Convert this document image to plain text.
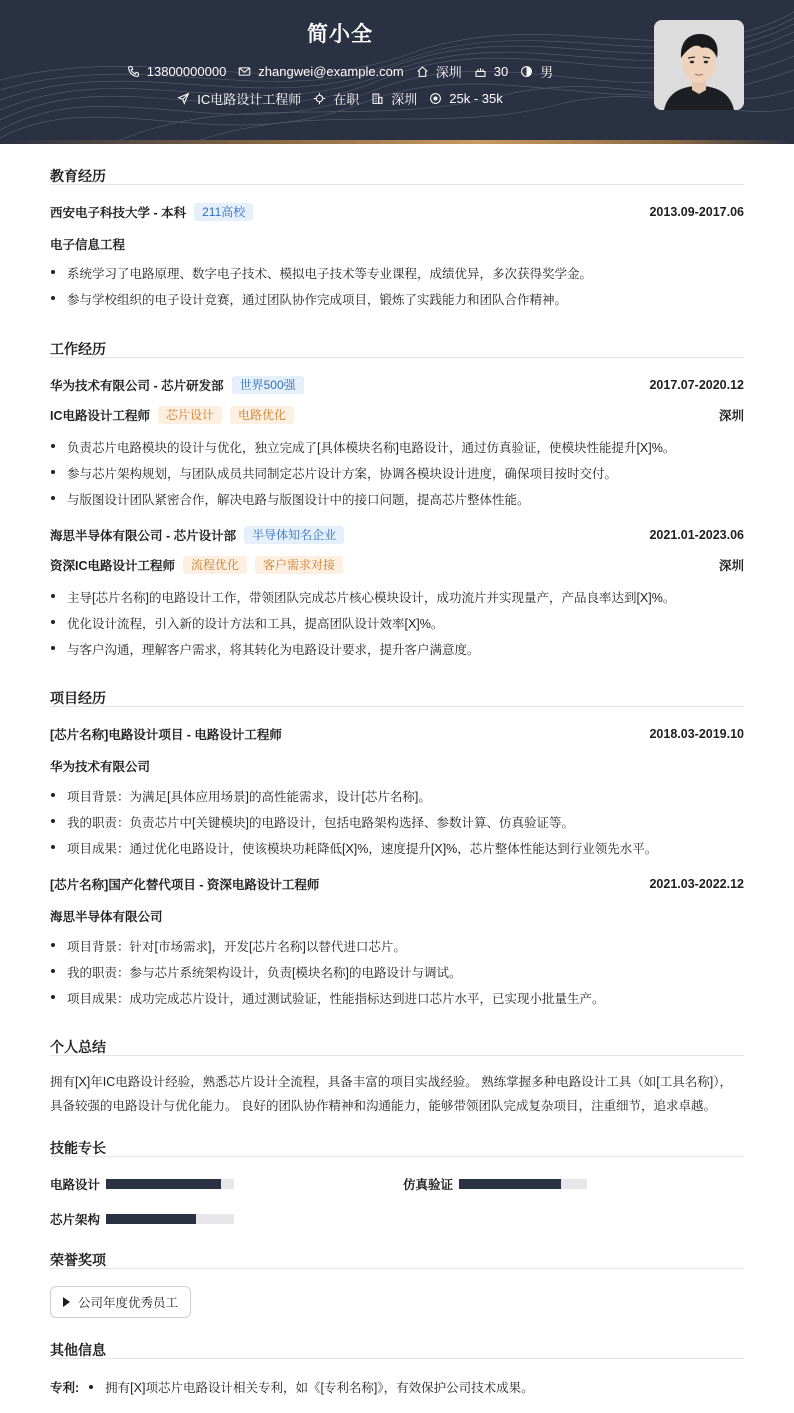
简小全
13800000000 zhangwei@example.com 深圳 30 男
IC电路设计工程师 在职 深圳 25k - 35k
教育经历
西安电子科技大学 - 本科	211高校	2013.09-2017.06
电子信息工程
系统学习了电路原理、数字电子技术、模拟电子技术等专业课程，成绩优异，多次获得奖学金。
参与学校组织的电子设计竞赛，通过团队协作完成项目，锻炼了实践能力和团队合作精神。
工作经历
华为技术有限公司 - 芯片研发部	世界500强	2017.07-2020.12
IC电路设计工程师	芯片设计	电路优化	深圳
负责芯片电路模块的设计与优化，独立完成了[具体模块名称]电路设计，通过仿真验证，使模块性能提升[X]%。
参与芯片架构规划，与团队成员共同制定芯片设计方案，协调各模块设计进度，确保项目按时交付。
与版图设计团队紧密合作，解决电路与版图设计中的接口问题，提高芯片整体性能。
海思半导体有限公司 - 芯片设计部	半导体知名企业	2021.01-2023.06
资深IC电路设计工程师	流程优化	客户需求对接	深圳
主导[芯片名称]的电路设计工作，带领团队完成芯片核心模块设计，成功流片并实现量产，产品良率达到[X]%。
优化设计流程，引入新的设计方法和工具，提高团队设计效率[X]%。
与客户沟通，理解客户需求，将其转化为电路设计要求，提升客户满意度。
项目经历
[芯片名称]电路设计项目 - 电路设计工程师	2018.03-2019.10
华为技术有限公司
项目背景：为满足[具体应用场景]的高性能需求，设计[芯片名称]。
我的职责：负责芯片中[关键模块]的电路设计，包括电路架构选择、参数计算、仿真验证等。
项目成果：通过优化电路设计，使该模块功耗降低[X]%，速度提升[X]%，芯片整体性能达到行业领先水平。
[芯片名称]国产化替代项目 - 资深电路设计工程师	2021.03-2022.12
海思半导体有限公司
项目背景：针对[市场需求]，开发[芯片名称]以替代进口芯片。
我的职责：参与芯片系统架构设计，负责[模块名称]的电路设计与调试。
项目成果：成功完成芯片设计，通过测试验证，性能指标达到进口芯片水平，已实现小批量生产。
个人总结
拥有[X]年IC电路设计经验，熟悉芯片设计全流程，具备丰富的项目实战经验。 熟练掌握多种电路设计工具（如[工具名称]），具备较强的电路设计与优化能力。 良好的团队协作精神和沟通能力，能够带领团队完成复杂项目，注重细节，追求卓越。
技能专长
电路设计	仿真验证
芯片架构
荣誉奖项
公司年度优秀员工
其他信息
专利: 拥有[X]项芯片电路设计相关专利，如《[专利名称]》，有效保护公司技术成果。
